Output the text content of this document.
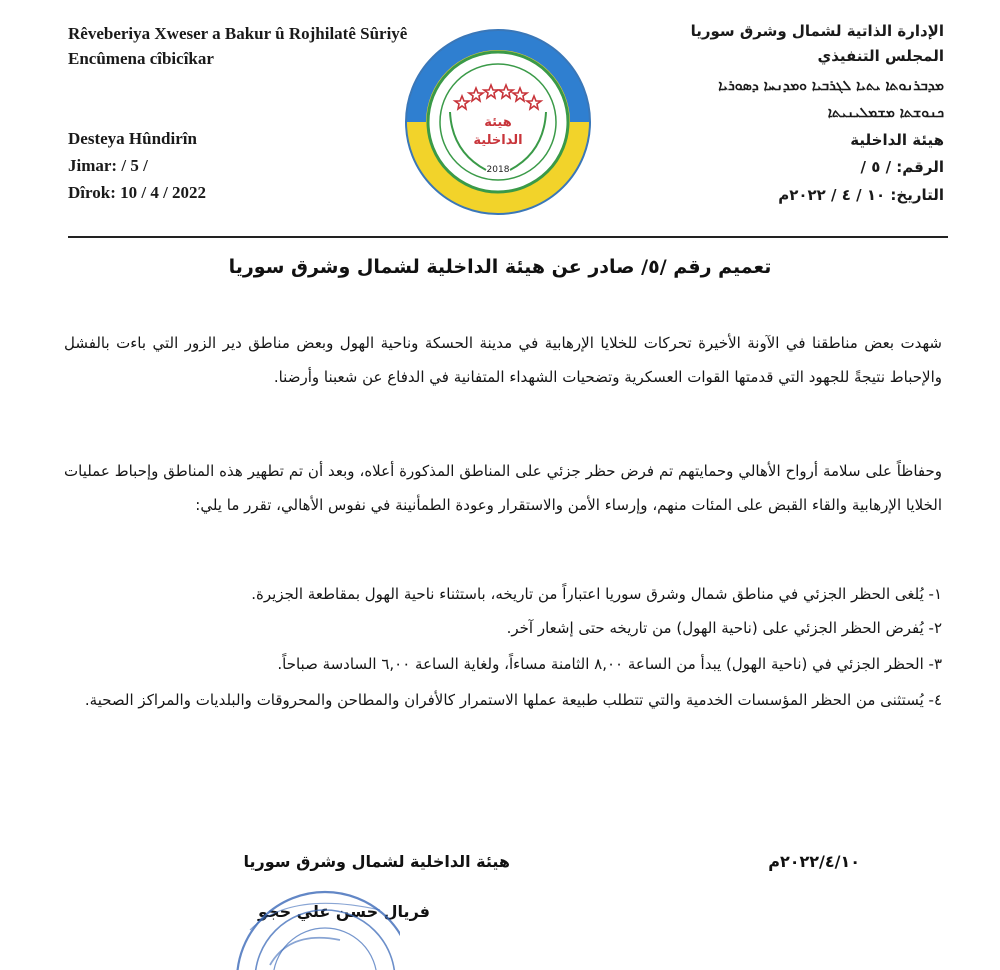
Rêveberiya Xweser a Bakur û Rojhilatê Sûriyê
Encûmena cîbicîkar
Desteya Hûndirîn
Jimar: / 5 /
Dîrok: 10 / 4 / 2022
الإدارة الذاتية لشمال وشرق سوريا
المجلس التنفيذي
ܡܕܒܪܢܘܬܐ ܝܬܝܐ ܠܓܪܒܝܐ ܘܡܕܢܚܐ ܕܣܘܪܝܐ
ܟܢܘܫܬܐ ܡܫܡܠܝܢܝܬܐ
هيئة الداخلية
الرقم: / ٥ /
التاريخ: ١٠ / ٤ / ٢٠٢٢م
هيئة
الداخلية
2018
تعميم رقم /٥/ صادر عن هيئة الداخلية لشمال وشرق سوريا
شهدت بعض مناطقنا في الآونة الأخيرة تحركات للخلايا الإرهابية في مدينة الحسكة وناحية الهول وبعض مناطق دير الزور التي باءت بالفشل والإحباط نتيجةً للجهود التي قدمتها القوات العسكرية وتضحيات الشهداء المتفانية في الدفاع عن شعبنا وأرضنا.
وحفاظاً على سلامة أرواح الأهالي وحمايتهم تم فرض حظر جزئي على المناطق المذكورة أعلاه، وبعد أن تم تطهير هذه المناطق وإحباط عمليات الخلايا الإرهابية والقاء القبض على المئات منهم، وإرساء الأمن والاستقرار وعودة الطمأنينة في نفوس الأهالي، تقرر ما يلي:
١- يُلغى الحظر الجزئي في مناطق شمال وشرق سوريا اعتباراً من تاريخه، باستثناء ناحية الهول بمقاطعة الجزيرة.
٢- يُفرض الحظر الجزئي على (ناحية الهول) من تاريخه حتى إشعار آخر.
٣- الحظر الجزئي في (ناحية الهول) يبدأ من الساعة ٨,٠٠ الثامنة مساءاً، ولغاية الساعة ٦,٠٠ السادسة صباحاً.
٤- يُستثنى من الحظر المؤسسات الخدمية والتي تتطلب طبيعة عملها الاستمرار كالأفران والمطاحن والمحروقات والبلديات والمراكز الصحية.
هيئة الداخلية لشمال وشرق سوريا	٢٠٢٢/٤/١٠م
فريال حسن علي حجو
